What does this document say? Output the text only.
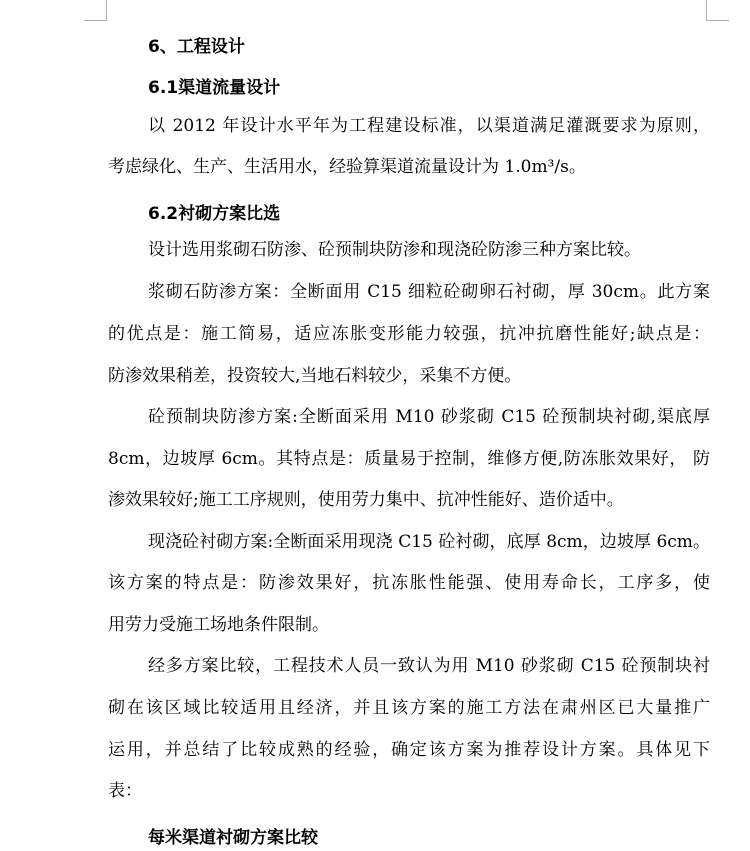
6、工程设计
6.1渠道流量设计
以 2012 年设计水平年为工程建设标准，以渠道满足灌溉要求为原则，
考虑绿化、生产、生活用水，经验算渠道流量设计为 1.0m³/s。
6.2衬砌方案比选
设计选用浆砌石防渗、砼预制块防渗和现浇砼防渗三种方案比较。
浆砌石防渗方案：全断面用 C15 细粒砼砌卵石衬砌，厚 30cm。此方案
的优点是：施工简易，适应冻胀变形能力较强，抗冲抗磨性能好;缺点是：
防渗效果稍差，投资较大,当地石料较少，采集不方便。
砼预制块防渗方案:全断面采用 M10 砂浆砌 C15 砼预制块衬砌,渠底厚
8cm，边坡厚 6cm。其特点是：质量易于控制，维修方便,防冻胀效果好， 防
渗效果较好;施工工序规则，使用劳力集中、抗冲性能好、造价适中。
现浇砼衬砌方案:全断面采用现浇 C15 砼衬砌，底厚 8cm，边坡厚 6cm。
该方案的特点是：防渗效果好，抗冻胀性能强、使用寿命长，工序多，使
用劳力受施工场地条件限制。
经多方案比较，工程技术人员一致认为用 M10 砂浆砌 C15 砼预制块衬
砌在该区域比较适用且经济，并且该方案的施工方法在肃州区已大量推广
运用，并总结了比较成熟的经验，确定该方案为推荐设计方案。具体见下
表：
每米渠道衬砌方案比较
